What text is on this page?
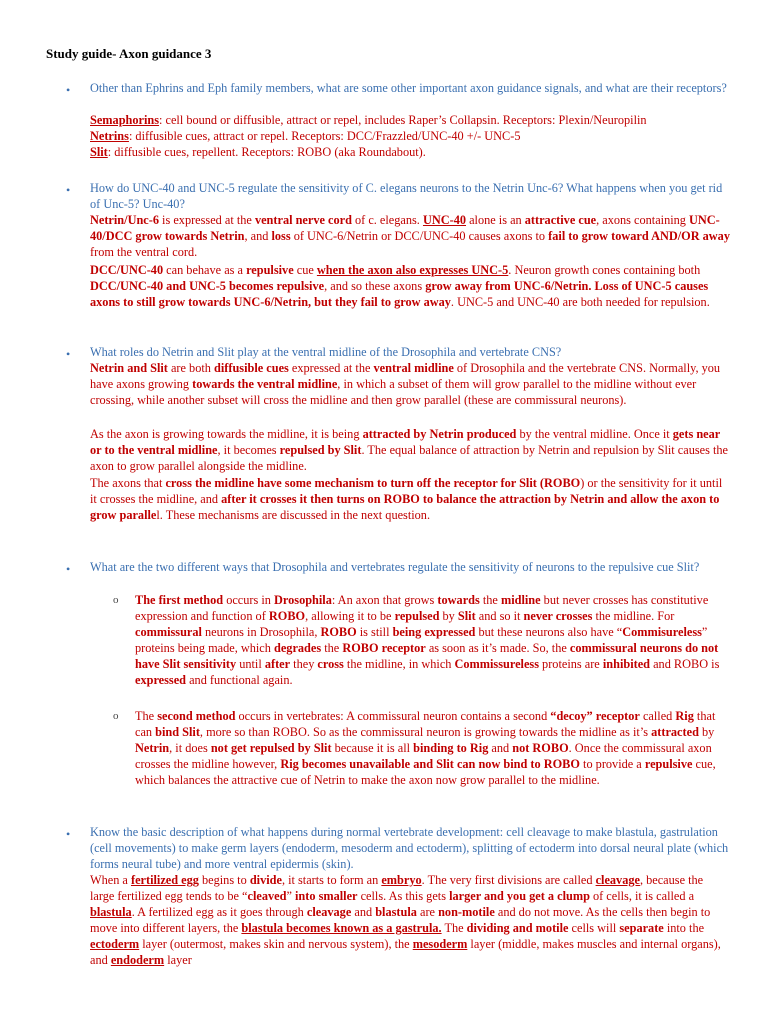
Study guide- Axon guidance 3
• Other than Ephrins and Eph family members, what are some other important axon guidance signals, and what are their receptors?
Semaphorins: cell bound or diffusible, attract or repel, includes Raper’s Collapsin. Receptors: Plexin/Neuropilin
Netrins: diffusible cues, attract or repel. Receptors: DCC/Frazzled/UNC-40 +/- UNC-5
Slit: diffusible cues, repellent. Receptors: ROBO (aka Roundabout).
• How do UNC-40 and UNC-5 regulate the sensitivity of C. elegans neurons to the Netrin Unc-6? What happens when you get rid of Unc-5? Unc-40?
Netrin/Unc-6 is expressed at the ventral nerve cord of c. elegans. UNC-40 alone is an attractive cue, axons containing UNC-40/DCC grow towards Netrin, and loss of UNC-6/Netrin or DCC/UNC-40 causes axons to fail to grow toward AND/OR away from the ventral cord.
DCC/UNC-40 can behave as a repulsive cue when the axon also expresses UNC-5. Neuron growth cones containing both DCC/UNC-40 and UNC-5 becomes repulsive, and so these axons grow away from UNC-6/Netrin. Loss of UNC-5 causes axons to still grow towards UNC-6/Netrin, but they fail to grow away. UNC-5 and UNC-40 are both needed for repulsion.
• What roles do Netrin and Slit play at the ventral midline of the Drosophila and vertebrate CNS?
Netrin and Slit are both diffusible cues expressed at the ventral midline of Drosophila and the vertebrate CNS. Normally, you have axons growing towards the ventral midline, in which a subset of them will grow parallel to the midline without ever crossing, while another subset will cross the midline and then grow parallel (these are commissural neurons).
As the axon is growing towards the midline, it is being attracted by Netrin produced by the ventral midline. Once it gets near or to the ventral midline, it becomes repulsed by Slit. The equal balance of attraction by Netrin and repulsion by Slit causes the axon to grow parallel alongside the midline.
The axons that cross the midline have some mechanism to turn off the receptor for Slit (ROBO) or the sensitivity for it until it crosses the midline, and after it crosses it then turns on ROBO to balance the attraction by Netrin and allow the axon to grow parallel. These mechanisms are discussed in the next question.
• What are the two different ways that Drosophila and vertebrates regulate the sensitivity of neurons to the repulsive cue Slit?
o The first method occurs in Drosophila: An axon that grows towards the midline but never crosses has constitutive expression and function of ROBO, allowing it to be repulsed by Slit and so it never crosses the midline. For commissural neurons in Drosophila, ROBO is still being expressed but these neurons also have “Commisureless” proteins being made, which degrades the ROBO receptor as soon as it’s made. So, the commissural neurons do not have Slit sensitivity until after they cross the midline, in which Commissureless proteins are inhibited and ROBO is expressed and functional again.
o The second method occurs in vertebrates: A commissural neuron contains a second “decoy” receptor called Rig that can bind Slit, more so than ROBO. So as the commissural neuron is growing towards the midline as it’s attracted by Netrin, it does not get repulsed by Slit because it is all binding to Rig and not ROBO. Once the commissural axon crosses the midline however, Rig becomes unavailable and Slit can now bind to ROBO to provide a repulsive cue, which balances the attractive cue of Netrin to make the axon now grow parallel to the midline.
• Know the basic description of what happens during normal vertebrate development: cell cleavage to make blastula, gastrulation (cell movements) to make germ layers (endoderm, mesoderm and ectoderm), splitting of ectoderm into dorsal neural plate (which forms neural tube) and more ventral epidermis (skin).
When a fertilized egg begins to divide, it starts to form an embryo. The very first divisions are called cleavage, because the large fertilized egg tends to be “cleaved” into smaller cells. As this gets larger and you get a clump of cells, it is called a blastula. A fertilized egg as it goes through cleavage and blastula are non-motile and do not move. As the cells then begin to move into different layers, the blastula becomes known as a gastrula. The dividing and motile cells will separate into the ectoderm layer (outermost, makes skin and nervous system), the mesoderm layer (middle, makes muscles and internal organs), and endoderm layer
